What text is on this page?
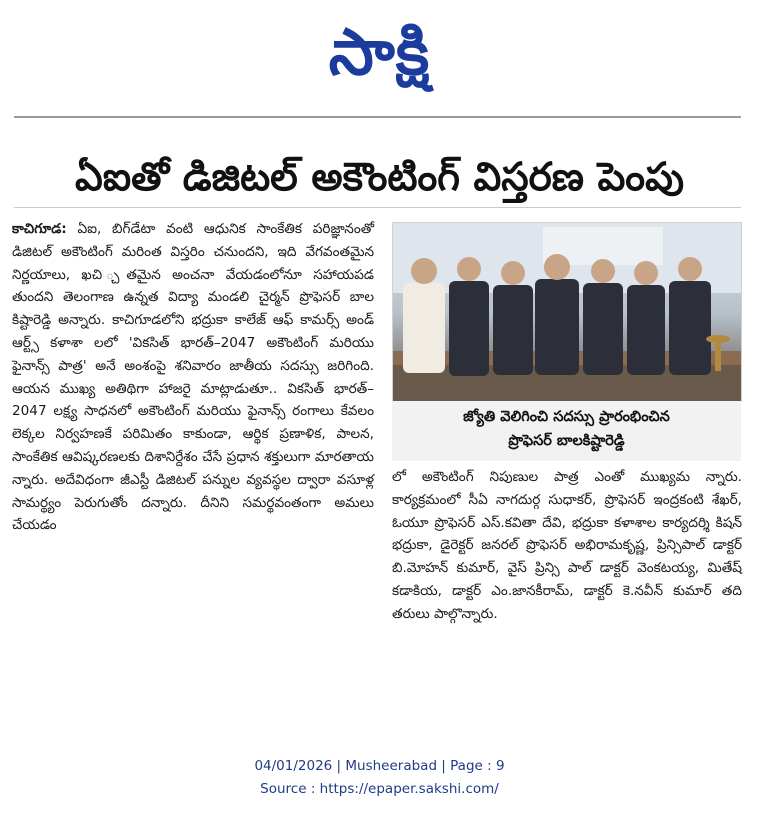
సాక్షి
ఏఐతో డిజిటల్ అకౌంటింగ్ విస్తరణ పెంపు
కాచిగూడ: ఏఐ, బిగ్‌డేటా వంటి ఆధునిక సాంకేతిక పరిజ్ఞానంతో డిజిటల్ అకౌంటింగ్ మరింత విస్తరిం చనుందని, ఇది వేగవంతమైన నిర్ణయాలు, ఖచి ్చతమైన అంచనా వేయడంలోనూ సహాయపడ తుందని తెలంగాణ ఉన్నత విద్యా మండలి చైర్మన్ ప్రొఫెసర్ బాల కిష్టారెడ్డి అన్నారు. కాచిగూడలోని భద్రుకా కాలేజ్ ఆఫ్ కామర్స్ అండ్ ఆర్ట్స్ కళాశా లలో 'వికసిత్ భారత్–2047 అకౌంటింగ్ మరియు ఫైనాన్స్ పాత్ర' అనే అంశంపై శనివారం జాతీయ సదస్సు జరిగింది. ఆయన ముఖ్య అతిథిగా హాజరై మాట్లాడుతూ.. వికసిత్ భారత్–2047 లక్ష్య సాధనలో అకౌంటింగ్ మరియు ఫైనాన్స్ రంగాలు కేవలం లెక్కల నిర్వహణకే పరిమితం కాకుండా, ఆర్థిక ప్రణాళిక, పాలన, సాంకేతిక ఆవిష్కరణలకు దిశానిర్దేశం చేసే ప్రధాన శక్తులుగా మారతాయ న్నారు. అదేవిధంగా జీఎస్టీ డిజిటల్ పన్నుల వ్యవస్థల ద్వారా వసూళ్ల సామర్థ్యం పెరుగుతోం దన్నారు. దీనిని సమర్థవంతంగా అమలు చేయడం
జ్యోతి వెలిగించి సదస్సు ప్రారంభించిన
ప్రొఫెసర్ బాలకిష్టారెడ్డి
లో అకౌంటింగ్ నిపుణుల పాత్ర ఎంతో ముఖ్యమ న్నారు. కార్యక్రమంలో సీఏ నాగదుర్గ సుధాకర్, ప్రొఫెసర్ ఇంద్రకంటి శేఖర్, ఓయూ ప్రొఫెసర్ ఎస్.కవితా దేవి, భద్రుకా కళాశాల కార్యదర్శి కిషన్ భద్రుకా, డైరెక్టర్ జనరల్ ప్రొఫెసర్ అభిరామకృష్ణ, ప్రిన్సిపాల్ డాక్టర్ బి.మోహన్ కుమార్, వైస్ ప్రిన్సి పాల్ డాక్టర్ వెంకటయ్య, మితేష్ కడాకియ, డాక్టర్ ఎం.జానకీరామ్, డాక్టర్ కె.నవీన్ కుమార్ తది తరులు పాల్గొన్నారు.
04/01/2026 | Musheerabad | Page : 9
Source : https://epaper.sakshi.com/
